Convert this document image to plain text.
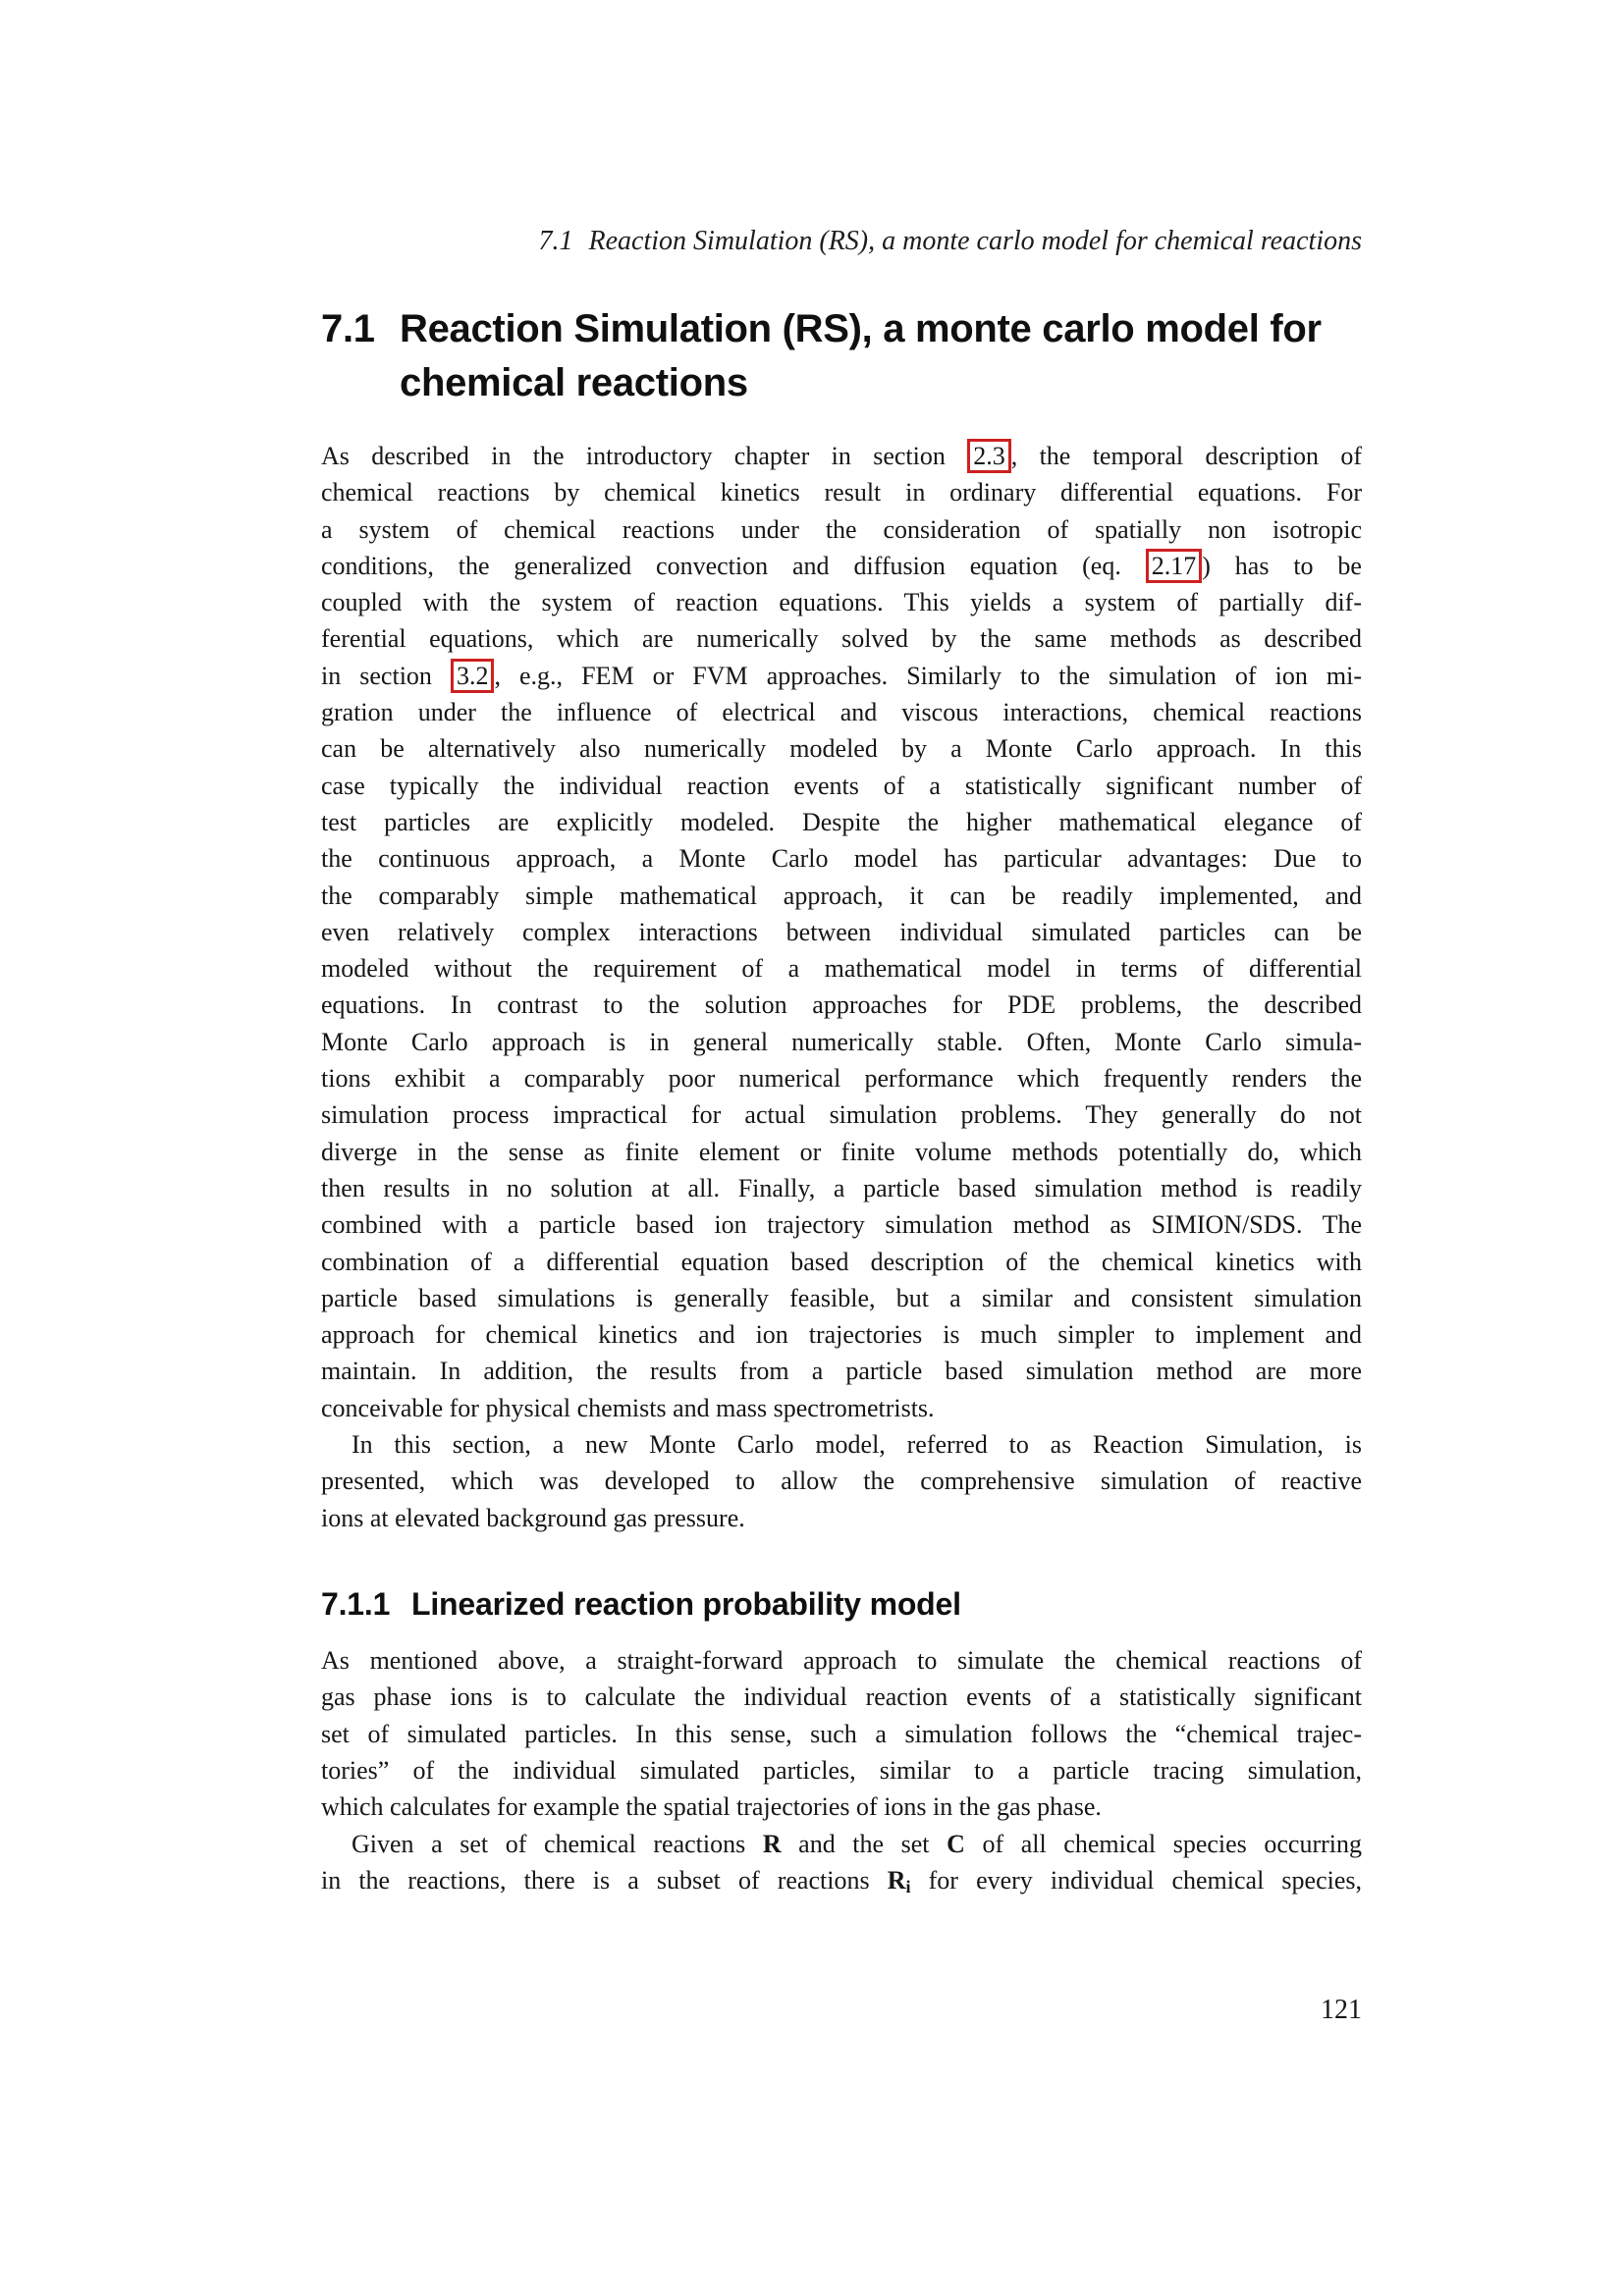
7.1 Reaction Simulation (RS), a monte carlo model for chemical reactions
7.1 Reaction Simulation (RS), a monte carlo model for
chemical reactions
As described in the introductory chapter in section 2.3 , the temporal description of
chemical reactions by chemical kinetics result in ordinary differential equations. For
a system of chemical reactions under the consideration of spatially non isotropic
conditions, the generalized convection and diffusion equation (eq. 2.17 ) has to be
coupled with the system of reaction equations. This yields a system of partially dif-
ferential equations, which are numerically solved by the same methods as described
in section 3.2 , e.g., FEM or FVM approaches. Similarly to the simulation of ion mi-
gration under the influence of electrical and viscous interactions, chemical reactions
can be alternatively also numerically modeled by a Monte Carlo approach. In this
case typically the individual reaction events of a statistically significant number of
test particles are explicitly modeled. Despite the higher mathematical elegance of
the continuous approach, a Monte Carlo model has particular advantages: Due to
the comparably simple mathematical approach, it can be readily implemented, and
even relatively complex interactions between individual simulated particles can be
modeled without the requirement of a mathematical model in terms of differential
equations. In contrast to the solution approaches for PDE problems, the described
Monte Carlo approach is in general numerically stable. Often, Monte Carlo simula-
tions exhibit a comparably poor numerical performance which frequently renders the
simulation process impractical for actual simulation problems. They generally do not
diverge in the sense as finite element or finite volume methods potentially do, which
then results in no solution at all. Finally, a particle based simulation method is readily
combined with a particle based ion trajectory simulation method as SIMION/SDS. The
combination of a differential equation based description of the chemical kinetics with
particle based simulations is generally feasible, but a similar and consistent simulation
approach for chemical kinetics and ion trajectories is much simpler to implement and
maintain. In addition, the results from a particle based simulation method are more
conceivable for physical chemists and mass spectrometrists.
In this section, a new Monte Carlo model, referred to as Reaction Simulation, is
presented, which was developed to allow the comprehensive simulation of reactive
ions at elevated background gas pressure.
7.1.1 Linearized reaction probability model
As mentioned above, a straight-forward approach to simulate the chemical reactions of
gas phase ions is to calculate the individual reaction events of a statistically significant
set of simulated particles. In this sense, such a simulation follows the “chemical trajec-
tories” of the individual simulated particles, similar to a particle tracing simulation,
which calculates for example the spatial trajectories of ions in the gas phase.
Given a set of chemical reactions R and the set C of all chemical species occurring
in the reactions, there is a subset of reactions Ri for every individual chemical species,
121
